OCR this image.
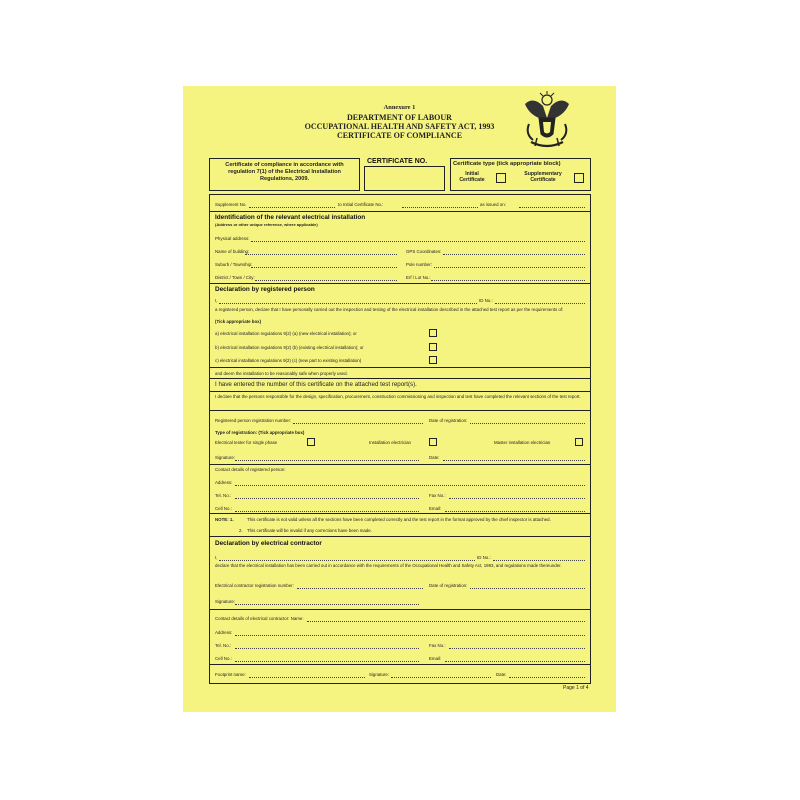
Annexure 1
DEPARTMENT OF LABOUR
OCCUPATIONAL HEALTH AND SAFETY ACT, 1993
CERTIFICATE OF COMPLIANCE
Certificate of compliance in accordance with regulation 7(1) of the Electrical Installation Regulations, 2009.
CERTIFICATE NO.	Certificate type (tick appropriate block)
Initial Certificate
Supplementary Certificate
Supplement No.	to Initial Certificate No.:	as issued on:
Identification of the relevant electrical installation
(Address or other unique reference, where applicable)
Physical address:
Name of building:	GPS Coordinates:
Suburb / Township:	Pole number:
District / Town / City:	Erf / Lot No.:
Declaration by registered person
I,	ID No.:
a registered person, declare that I have personally carried out the inspection and testing of the electrical installation described in the attached test report as per the requirements of:
(Tick appropriate box)
a) electrical installation regulations 9(2) (a) (new electrical installation); or
b) electrical installation regulations 9(2) (b) (existing electrical installation); or
c) electrical installation regulations 9(2) (c) (new part to existing installation)
and deem the installation to be reasonably safe when properly used.
I have entered the number of this certificate on the attached test report(s).
I declare that the persons responsible for the design, specification, procurement, construction commissioning and inspection and test have completed the relevant sections of the test report.
Registered person registration number:	Date of registration:
Type of registration: (Tick appropriate box)
Electrical tester for single phase	Installation electrician	Master installation electrician
Signature:	Date:
Contact details of registered person:
Address:
Tel. No.:	Fax No.:
Cell No.:	Email:
NOTE: 1.	This certificate is not valid unless all the sections have been completed correctly and the test report in the format approved by the chief inspector is attached.
2. This certificate will be invalid if any corrections have been made.
Declaration by electrical contractor
I,	ID No.:
declare that the electrical installation has been carried out in accordance with the requirements of the Occupational Health and Safety Act, 1993, and regulations made thereunder.
Electrical contractor registration number:	Date of registration:
Signature:
Contact details of electrical contractor: Name:
Address:
Tel. No.:	Fax No.:
Cell No.:	Email:
Footprint name:	Signature:	Date:
Page 1 of 4
